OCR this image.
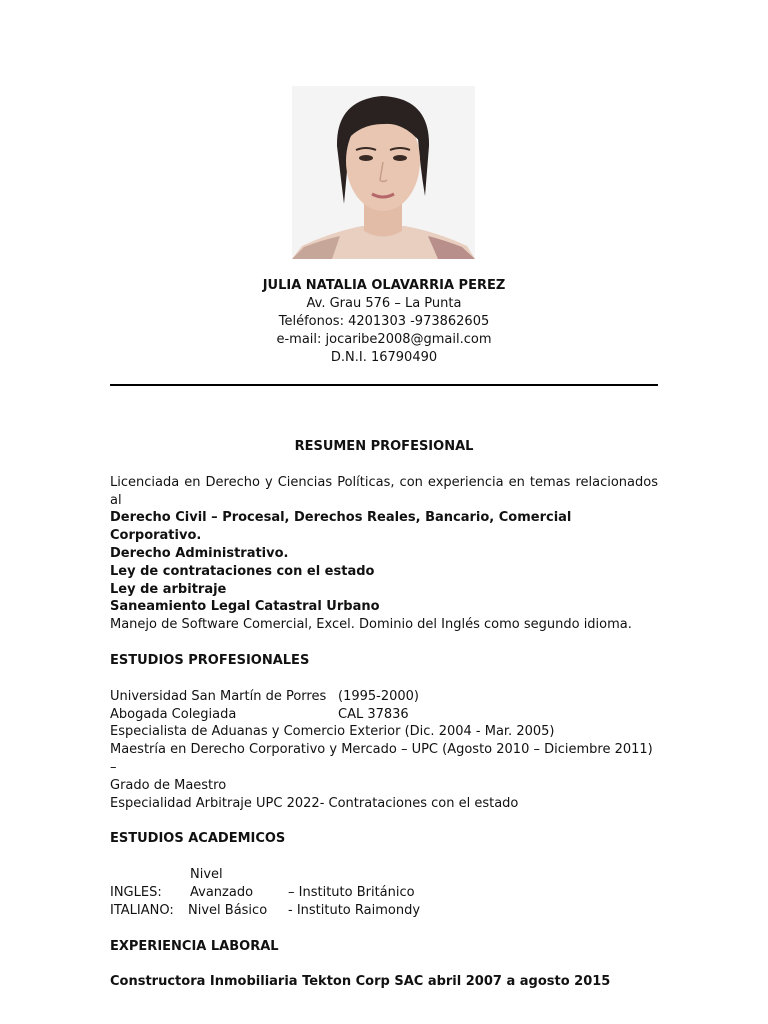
JULIA NATALIA OLAVARRIA PEREZ
Av. Grau 576 – La Punta
Teléfonos: 4201303 -973862605
e-mail: jocaribe2008@gmail.com
D.N.I. 16790490
RESUMEN PROFESIONAL
Licenciada en Derecho y Ciencias Políticas, con experiencia en temas relacionados al
Derecho Civil – Procesal, Derechos Reales, Bancario, Comercial Corporativo.
Derecho Administrativo.
Ley de contrataciones con el estado
Ley de arbitraje
Saneamiento Legal Catastral Urbano
Manejo de Software Comercial, Excel. Dominio del Inglés como segundo idioma.
ESTUDIOS PROFESIONALES
Universidad San Martín de Porres (1995-2000)
Abogada Colegiada	CAL 37836
Especialista de Aduanas y Comercio Exterior (Dic. 2004 - Mar. 2005)
Maestría en Derecho Corporativo y Mercado – UPC (Agosto 2010 – Diciembre 2011) –
Grado de Maestro
Especialidad Arbitraje UPC 2022- Contrataciones con el estado
ESTUDIOS ACADEMICOS
INGLES:Nivel Avanzado	– Instituto Británico
ITALIANO: Nivel Básico - Instituto Raimondy
EXPERIENCIA LABORAL
Constructora Inmobiliaria Tekton Corp SAC abril 2007 a agosto 2015
